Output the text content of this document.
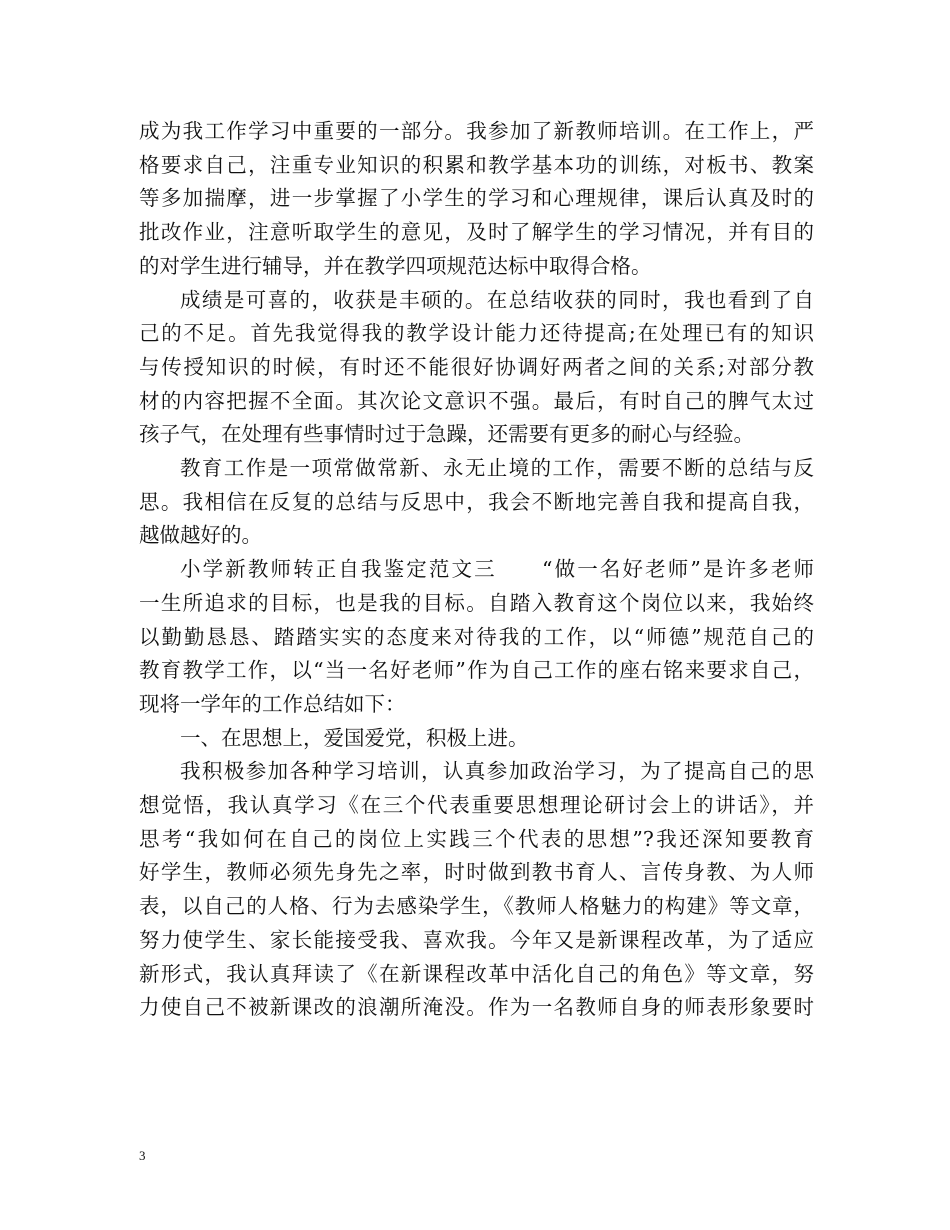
成为我工作学习中重要的一部分。我参加了新教师培训。在工作上，严
格要求自己，注重专业知识的积累和教学基本功的训练，对板书、教案
等多加揣摩，进一步掌握了小学生的学习和心理规律，课后认真及时的
批改作业，注意听取学生的意见，及时了解学生的学习情况，并有目的
的对学生进行辅导，并在教学四项规范达标中取得合格。
成绩是可喜的，收获是丰硕的。在总结收获的同时，我也看到了自
己的不足。首先我觉得我的教学设计能力还待提高;在处理已有的知识
与传授知识的时候，有时还不能很好协调好两者之间的关系;对部分教
材的内容把握不全面。其次论文意识不强。最后，有时自己的脾气太过
孩子气，在处理有些事情时过于急躁，还需要有更多的耐心与经验。
教育工作是一项常做常新、永无止境的工作，需要不断的总结与反
思。我相信在反复的总结与反思中，我会不断地完善自我和提高自我，
越做越好的。
小学新教师转正自我鉴定范文三　　“做一名好老师”是许多老师
一生所追求的目标，也是我的目标。自踏入教育这个岗位以来，我始终
以勤勤恳恳、踏踏实实的态度来对待我的工作，以“师德”规范自己的
教育教学工作，以“当一名好老师”作为自己工作的座右铭来要求自己，
现将一学年的工作总结如下：
一、在思想上，爱国爱党，积极上进。
我积极参加各种学习培训，认真参加政治学习，为了提高自己的思
想觉悟，我认真学习《在三个代表重要思想理论研讨会上的讲话》，并
思考“我如何在自己的岗位上实践三个代表的思想”?我还深知要教育
好学生，教师必须先身先之率，时时做到教书育人、言传身教、为人师
表，以自己的人格、行为去感染学生，《教师人格魅力的构建》等文章，
努力使学生、家长能接受我、喜欢我。今年又是新课程改革，为了适应
新形式，我认真拜读了《在新课程改革中活化自己的角色》等文章，努
力使自己不被新课改的浪潮所淹没。作为一名教师自身的师表形象要时
3
